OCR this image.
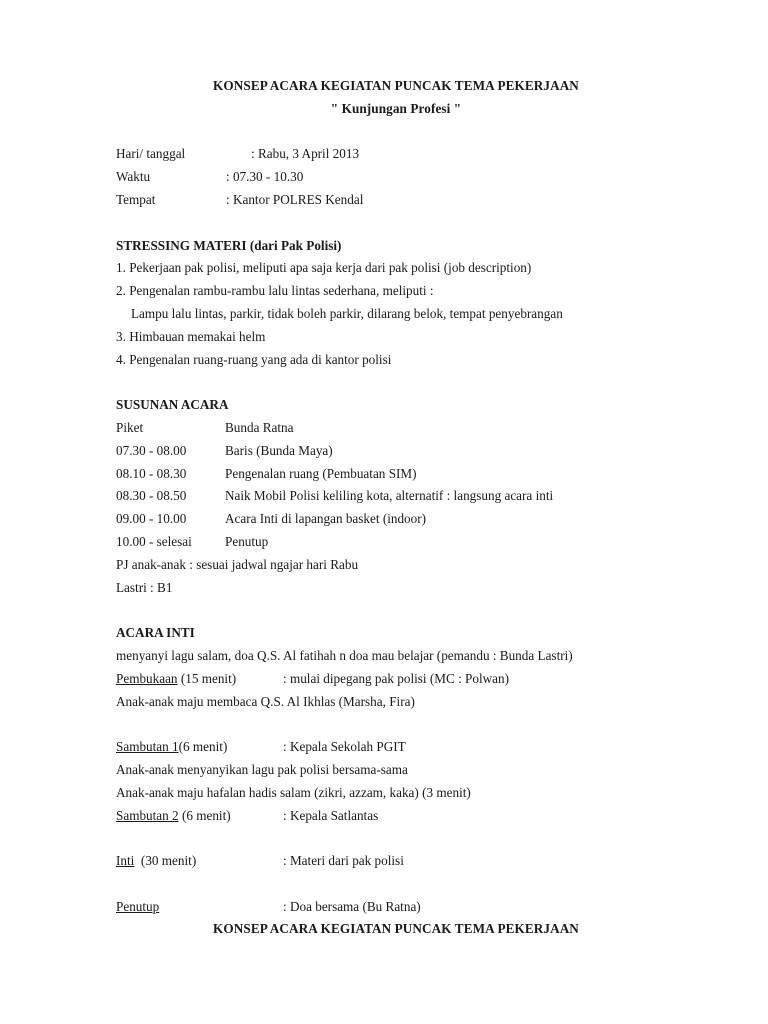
KONSEP ACARA KEGIATAN PUNCAK TEMA PEKERJAAN
" Kunjungan Profesi "
Hari/ tanggal	: Rabu, 3 April 2013
Waktu	: 07.30 - 10.30
Tempat	: Kantor POLRES Kendal
STRESSING MATERI (dari Pak Polisi)
1. Pekerjaan pak polisi, meliputi apa saja kerja dari pak polisi (job description)
2. Pengenalan rambu-rambu lalu lintas sederhana, meliputi :
Lampu lalu lintas, parkir, tidak boleh parkir, dilarang belok, tempat penyebrangan
3. Himbauan memakai helm
4. Pengenalan ruang-ruang yang ada di kantor polisi
SUSUNAN ACARA
Piket	Bunda Ratna
07.30 - 08.00	Baris (Bunda Maya)
08.10 - 08.30	Pengenalan ruang (Pembuatan SIM)
08.30 - 08.50	Naik Mobil Polisi keliling kota, alternatif : langsung acara inti
09.00 - 10.00	Acara Inti di lapangan basket (indoor)
10.00 - selesai	Penutup
PJ anak-anak : sesuai jadwal ngajar hari Rabu
Lastri : B1
ACARA INTI
menyanyi lagu salam, doa Q.S. Al fatihah n doa mau belajar (pemandu : Bunda Lastri)
Pembukaan (15 menit)	: mulai dipegang pak polisi (MC : Polwan)
Anak-anak maju membaca Q.S. Al Ikhlas (Marsha, Fira)
Sambutan 1(6 menit)	: Kepala Sekolah PGIT
Anak-anak menyanyikan lagu pak polisi bersama-sama
Anak-anak maju hafalan hadis salam (zikri, azzam, kaka) (3 menit)
Sambutan 2 (6 menit)	: Kepala Satlantas
Inti  (30 menit)	: Materi dari pak polisi
Penutup	: Doa bersama (Bu Ratna)
KONSEP ACARA KEGIATAN PUNCAK TEMA PEKERJAAN
